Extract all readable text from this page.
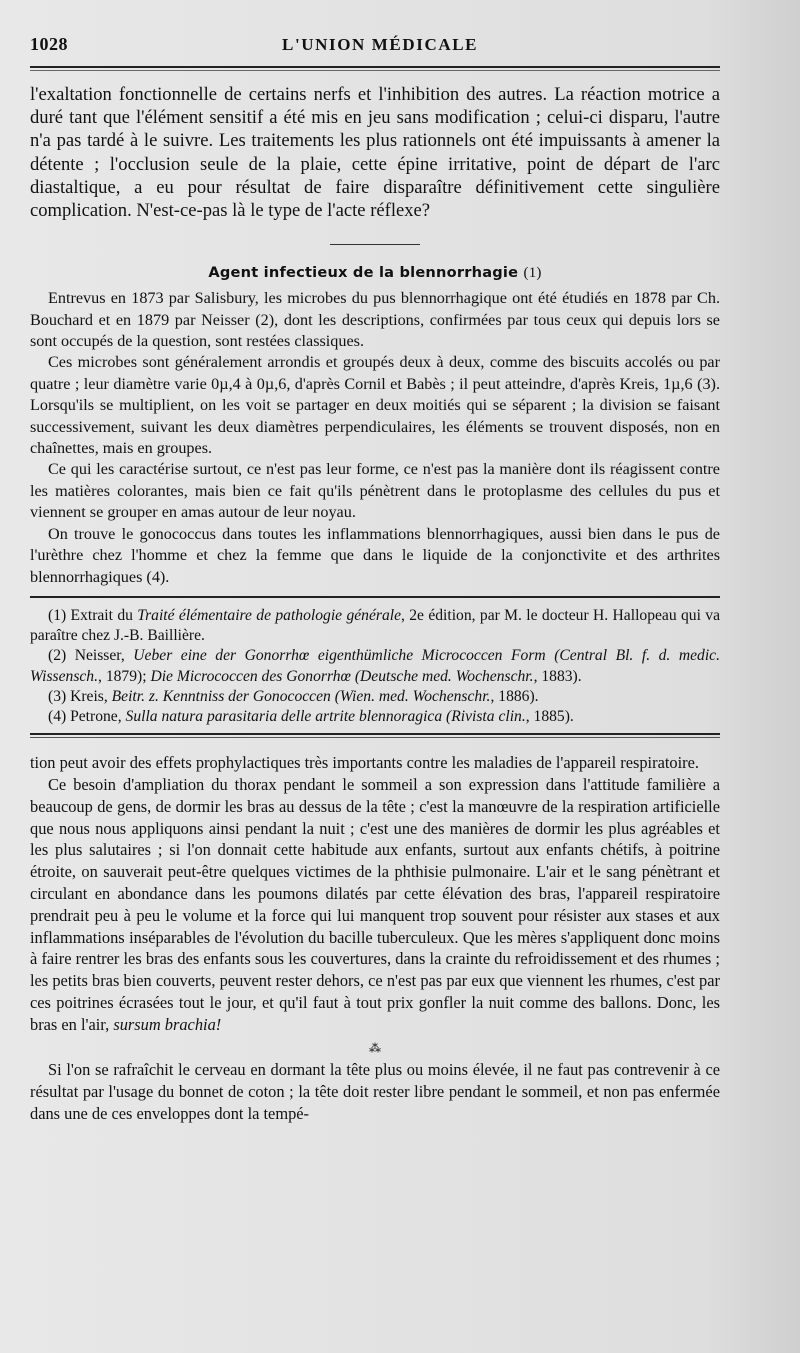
1028	L'UNION MÉDICALE
l'exaltation fonctionnelle de certains nerfs et l'inhibition des autres. La réaction motrice a duré tant que l'élément sensitif a été mis en jeu sans modification ; celui-ci disparu, l'autre n'a pas tardé à le suivre. Les traitements les plus rationnels ont été impuissants à amener la détente ; l'occlusion seule de la plaie, cette épine irritative, point de départ de l'arc diastaltique, a eu pour résultat de faire disparaître définitivement cette singulière complication. N'est-ce-pas là le type de l'acte réflexe?
Agent infectieux de la blennorrhagie (1)

Entrevus en 1873 par Salisbury, les microbes du pus blennorrhagique ont été étudiés en 1878 par Ch. Bouchard et en 1879 par Neisser (2), dont les descriptions, confirmées par tous ceux qui depuis lors se sont occupés de la question, sont restées classiques.

Ces microbes sont généralement arrondis et groupés deux à deux, comme des biscuits accolés ou par quatre ; leur diamètre varie 0µ,4 à 0µ,6, d'après Cornil et Babès ; il peut atteindre, d'après Kreis, 1µ,6 (3). Lorsqu'ils se multiplient, on les voit se partager en deux moitiés qui se séparent ; la division se faisant successivement, suivant les deux diamètres perpendiculaires, les éléments se trouvent disposés, non en chaînettes, mais en groupes.

Ce qui les caractérise surtout, ce n'est pas leur forme, ce n'est pas la manière dont ils réagissent contre les matières colorantes, mais bien ce fait qu'ils pénètrent dans le protoplasme des cellules du pus et viennent se grouper en amas autour de leur noyau.

On trouve le gonococcus dans toutes les inflammations blennorrhagiques, aussi bien dans le pus de l'urèthre chez l'homme et chez la femme que dans le liquide de la conjonctivite et des arthrites blennorrhagiques (4).

(1) Extrait du Traité élémentaire de pathologie générale, 2e édition, par M. le docteur H. Hallopeau qui va paraître chez J.-B. Baillière.

(2) Neisser, Ueber eine der Gonorrhœ eigenthümliche Micrococcen Form (Central Bl. f. d. medic. Wissensch., 1879); Die Micrococcen des Gonorrhœ (Deutsche med. Wochenschr., 1883).

(3) Kreis, Beitr. z. Kenntniss der Gonococcen (Wien. med. Wochenschr., 1886).

(4) Petrone, Sulla natura parasitaria delle artrite blennoragica (Rivista clin., 1885).

tion peut avoir des effets prophylactiques très importants contre les maladies de l'appareil respiratoire.

Ce besoin d'ampliation du thorax pendant le sommeil a son expression dans l'attitude familière a beaucoup de gens, de dormir les bras au dessus de la tête ; c'est la manœuvre de la respiration artificielle que nous nous appliquons ainsi pendant la nuit ; c'est une des manières de dormir les plus agréables et les plus salutaires ; si l'on donnait cette habitude aux enfants, surtout aux enfants chétifs, à poitrine étroite, on sauverait peut-être quelques victimes de la phthisie pulmonaire. L'air et le sang pénètrant et circulant en abondance dans les poumons dilatés par cette élévation des bras, l'appareil respiratoire prendrait peu à peu le volume et la force qui lui manquent trop souvent pour résister aux stases et aux inflammations inséparables de l'évolution du bacille tuberculeux. Que les mères s'appliquent donc moins à faire rentrer les bras des enfants sous les couvertures, dans la crainte du refroidissement et des rhumes ; les petits bras bien couverts, peuvent rester dehors, ce n'est pas par eux que viennent les rhumes, c'est par ces poitrines écrasées tout le jour, et qu'il faut à tout prix gonfler la nuit comme des ballons. Donc, les bras en l'air, sursum brachia!

⁂

Si l'on se rafraîchit le cerveau en dormant la tête plus ou moins élevée, il ne faut pas contrevenir à ce résultat par l'usage du bonnet de coton ; la tête doit rester libre pendant le sommeil, et non pas enfermée dans une de ces enveloppes dont la tempé-
